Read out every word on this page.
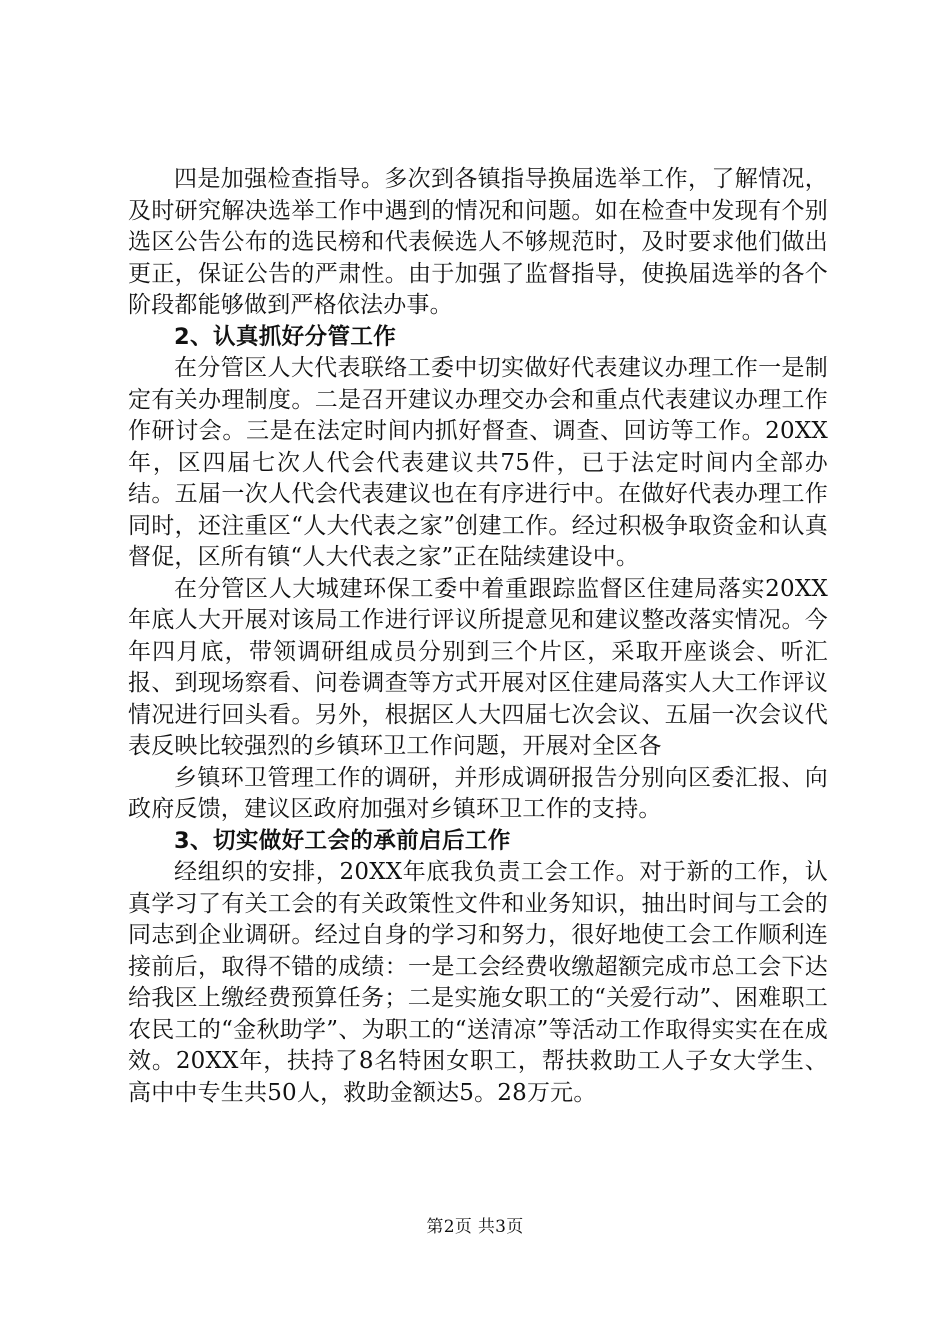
四是加强检查指导。多次到各镇指导换届选举工作，了解情况，及时研究解决选举工作中遇到的情况和问题。如在检查中发现有个别选区公告公布的选民榜和代表候选人不够规范时，及时要求他们做出更正，保证公告的严肃性。由于加强了监督指导，使换届选举的各个阶段都能够做到严格依法办事。

2、认真抓好分管工作

在分管区人大代表联络工委中切实做好代表建议办理工作一是制定有关办理制度。二是召开建议办理交办会和重点代表建议办理工作作研讨会。三是在法定时间内抓好督查、调查、回访等工作。20XX年，区四届七次人代会代表建议共75件，已于法定时间内全部办结。五届一次人代会代表建议也在有序进行中。在做好代表办理工作同时，还注重区“人大代表之家”创建工作。经过积极争取资金和认真督促，区所有镇“人大代表之家”正在陆续建设中。

在分管区人大城建环保工委中着重跟踪监督区住建局落实20XX年底人大开展对该局工作进行评议所提意见和建议整改落实情况。今年四月底，带领调研组成员分别到三个片区，采取开座谈会、听汇报、到现场察看、问卷调查等方式开展对区住建局落实人大工作评议情况进行回头看。另外，根据区人大四届七次会议、五届一次会议代表反映比较强烈的乡镇环卫工作问题，开展对全区各

乡镇环卫管理工作的调研，并形成调研报告分别向区委汇报、向政府反馈，建议区政府加强对乡镇环卫工作的支持。

3、切实做好工会的承前启后工作

经组织的安排，20XX年底我负责工会工作。对于新的工作，认真学习了有关工会的有关政策性文件和业务知识，抽出时间与工会的同志到企业调研。经过自身的学习和努力，很好地使工会工作顺利连接前后，取得不错的成绩：一是工会经费收缴超额完成市总工会下达给我区上缴经费预算任务；二是实施女职工的“关爱行动”、困难职工农民工的“金秋助学”、为职工的“送清凉”等活动工作取得实实在在成效。20XX年，扶持了8名特困女职工，帮扶救助工人子女大学生、高中中专生共50人，救助金额达5。28万元。

第2页 共3页
